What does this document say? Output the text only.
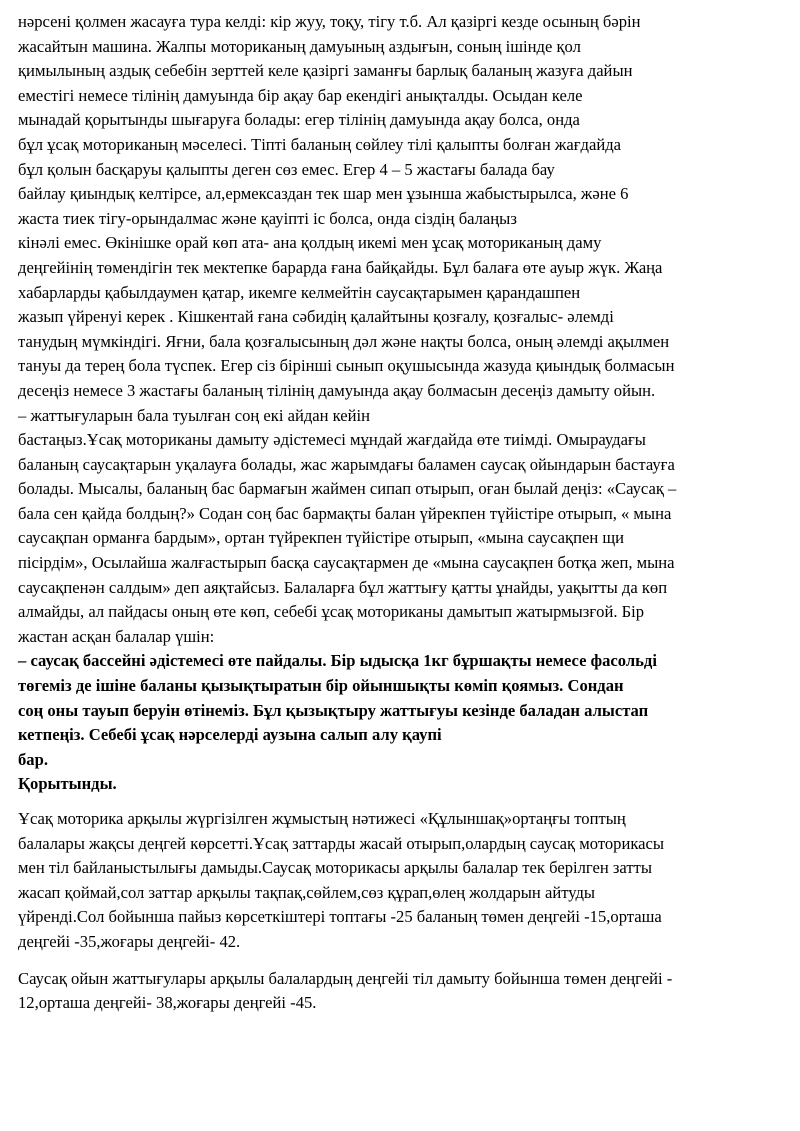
нәрсені қолмен жасауға тура келді: кір жуу, тоқу, тігу т.б. Ал қазіргі кезде осының бәрін
жасайтын машина. Жалпы моториканың дамуының аздығын, соның ішінде қол
қимылының аздық себебін зерттей келе қазіргі заманғы барлық баланың жазуға дайын
еместігі немесе тілінің дамуында бір ақау бар екендігі анықталды. Осыдан келе
мынадай қорытынды шығаруға болады: егер тілінің дамуында ақау болса, онда
бұл ұсақ моториканың мәселесі. Тіпті баланың сөйлеу тілі қалыпты болған жағдайда
бұл қолын басқаруы қалыпты деген сөз емес. Егер 4 – 5 жастағы балада бау
байлау қиындық келтірсе, ал,ермексаздан тек шар мен ұзынша жабыстырылса, және 6
жаста тиек тігу-орындалмас және қауіпті іс болса, онда сіздің балаңыз
кінәлі емес. Өкінішке орай көп ата- ана қолдың икемі мен ұсақ моториканың даму
деңгейінің төмендігін тек мектепке барарда ғана байқайды. Бұл балаға өте ауыр жүк. Жаңа
хабарларды қабылдаумен қатар, икемге келмейтін саусақтарымен қарандашпен
жазып үйренуі керек . Кішкентай ғана сәбидің қалайтыны қозғалу, қозғалыс- әлемді
танудың мүмкіндігі. Яғни, бала қозғалысының дәл және нақты болса, оның әлемді ақылмен
тануы да терең бола түспек. Егер сіз бірінші сынып оқушысында жазуда қиындық болмасын
десеңіз немесе 3 жастағы баланың тілінің дамуында ақау болмасын десеңіз дамыту ойын.
– жаттығуларын бала туылған соң екі айдан кейін
бастаңыз.Ұсақ моториканы дамыту әдістемесі мұндай жағдайда өте тиімді. Омыраудағы
баланың саусақтарын уқалауға болады, жас жарымдағы баламен саусақ ойындарын бастауға
болады. Мысалы, баланың бас бармағын жаймен сипап отырып, оған былай деңіз: «Саусақ –
бала сен қайда болдың?» Содан соң бас бармақты балан үйрекпен түйістіре отырып, « мына
саусақпан орманға бардым», ортан түйрекпен түйістіре отырып, «мына саусақпен щи
пісірдім», Осылайша жалғастырып басқа саусақтармен де «мына саусақпен ботқа жеп, мына
саусақпенән салдым» деп аяқтайсыз. Балаларға бұл жаттығу қатты ұнайды, уақытты да көп
алмайды, ал пайдасы оның өте көп, себебі ұсақ моториканы дамытып жатырмызғой. Бір
жастан асқан балалар үшін:
– саусақ бассейні әдістемесі өте пайдалы. Бір ыдысқа 1кг бұршақты немесе фасольді
төгеміз де ішіне баланы қызықтыратын бір ойыншықты көміп қоямыз. Сондан
соң оны тауып беруін өтінеміз. Бұл қызықтыру жаттығуы кезінде баладан алыстап
кетпеңіз. Себебі ұсақ нәрселерді аузына салып алу қаупі
бар.
Қорытынды.
Ұсақ моторика арқылы жүргізілген жұмыстың нәтижесі «Құлыншақ»ортаңғы топтың
балалары жақсы деңгей көрсетті.Ұсақ заттарды жасай отырып,олардың саусақ моторикасы
мен тіл байланыстылығы дамыды.Саусақ моторикасы арқылы балалар тек берілген затты
жасап қоймай,сол заттар арқылы тақпақ,сөйлем,сөз құрап,өлең жолдарын айтуды
үйренді.Сол бойынша пайыз көрсеткіштері топтағы -25 баланың төмен деңгейі -15,орташа
деңгейі -35,жоғары деңгейі- 42.
Саусақ ойын жаттығулары арқылы балалардың деңгейі тіл дамыту бойынша төмен деңгейі -
12,орташа деңгейі- 38,жоғары деңгейі -45.
